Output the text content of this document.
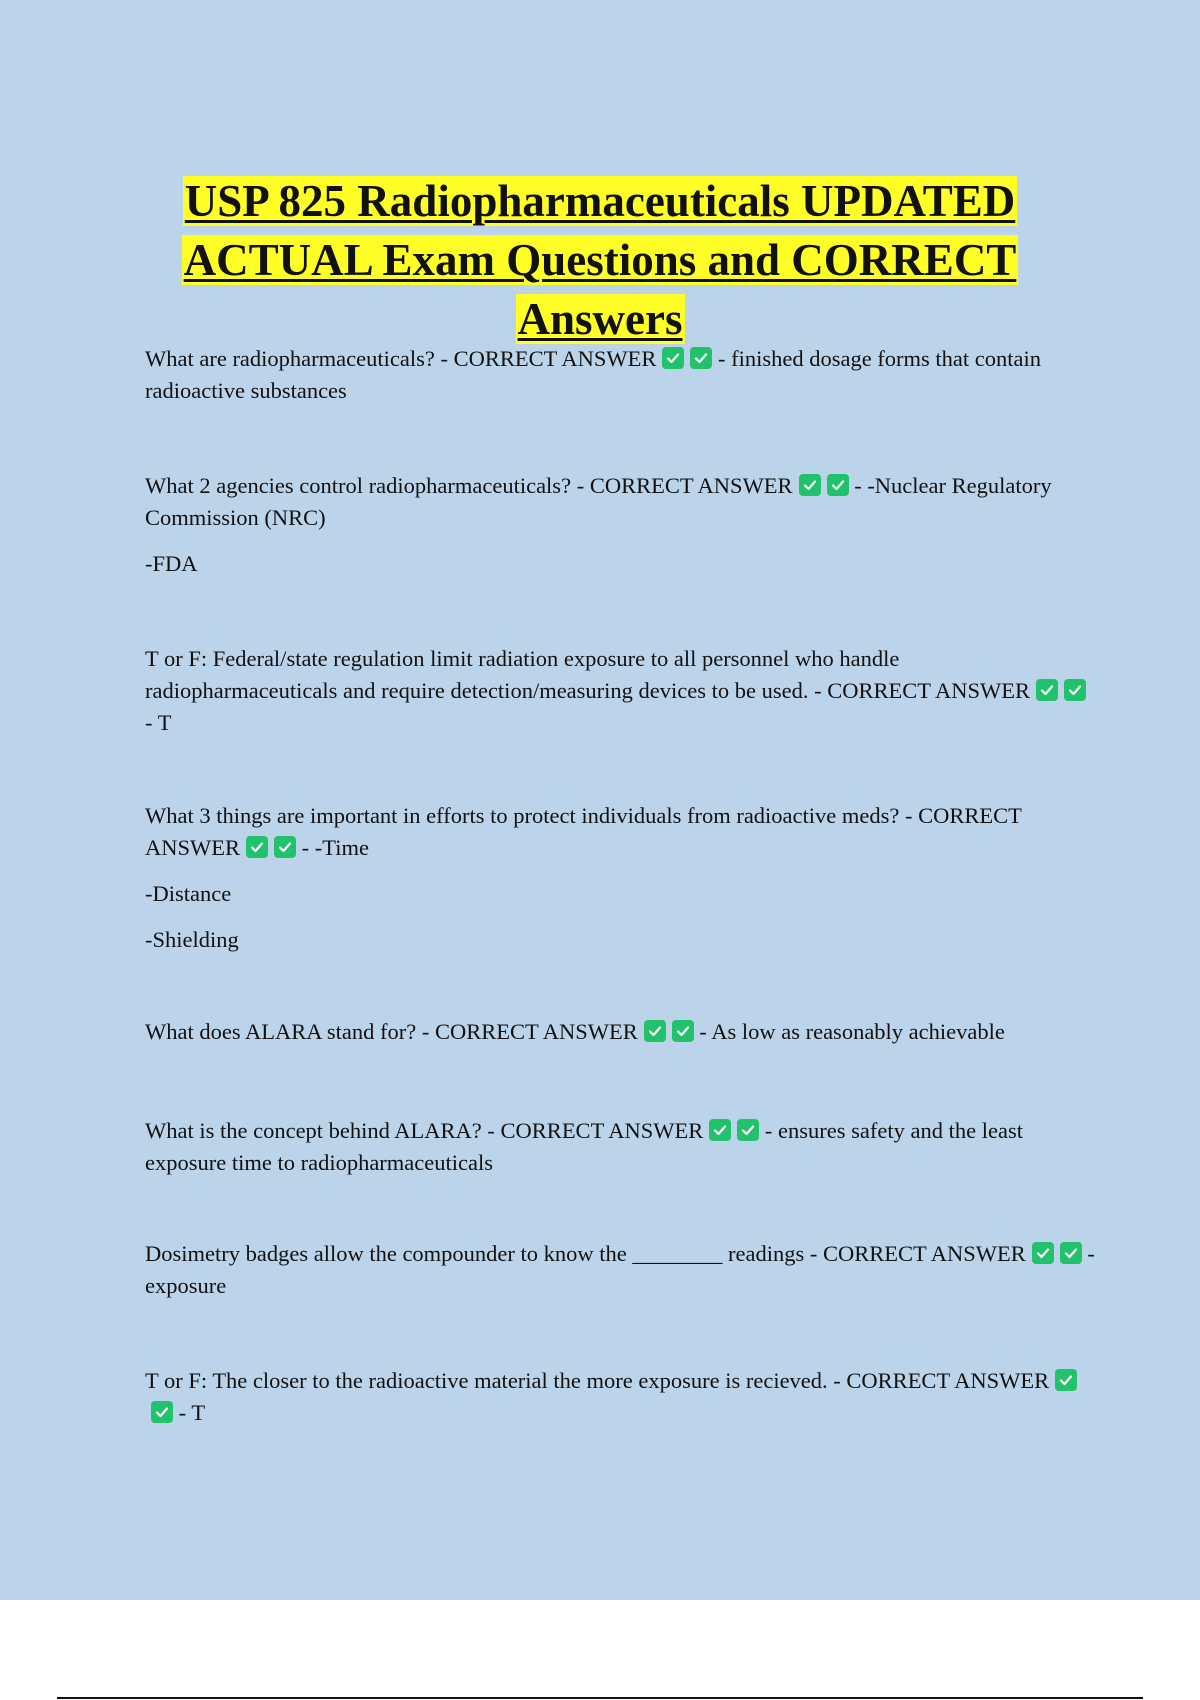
USP 825 Radiopharmaceuticals UPDATED ACTUAL Exam Questions and CORRECT Answers

What are radiopharmaceuticals? - CORRECT ANSWER
- finished dosage forms that contain radioactive substances

What 2 agencies control radiopharmaceuticals? - CORRECT ANSWER
- -Nuclear Regulatory Commission (NRC)

-FDA

T or F: Federal/state regulation limit radiation exposure to all personnel who handle radiopharmaceuticals and require detection/measuring devices to be used. - CORRECT ANSWER
- T

What 3 things are important in efforts to protect individuals from radioactive meds? - CORRECT ANSWER
- -Time

-Distance

-Shielding

What does ALARA stand for? - CORRECT ANSWER
- As low as reasonably achievable

What is the concept behind ALARA? - CORRECT ANSWER
- ensures safety and the least exposure time to radiopharmaceuticals

Dosimetry badges allow the compounder to know the ________ readings - CORRECT ANSWER
- exposure

T or F: The closer to the radioactive material the more exposure is recieved. - CORRECT ANSWER
- T
